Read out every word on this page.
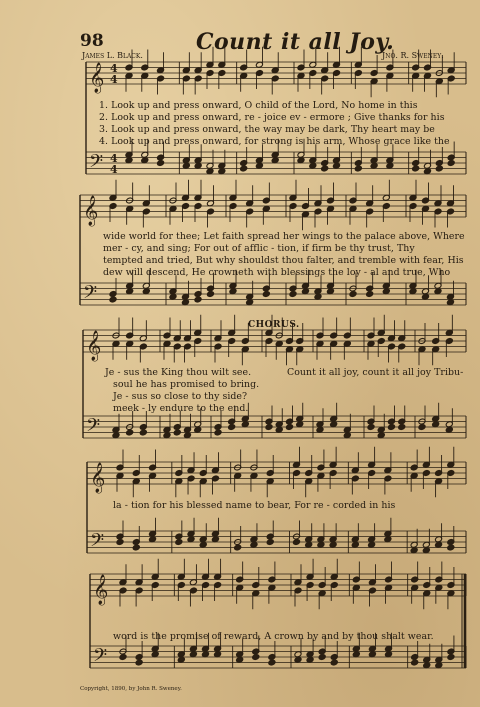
98	Count it all Joy.
James L. Black.	Jno. R. Sweney.
𝄞
𝄢
4
4
4
4
𝄞
𝄢
𝄞
𝄢
𝄞
𝄢
𝄞
𝄢
1. Look up and press onward, O child of the Lord, No home in this
2. Look up and press onward, re - joice ev - ermore ; Give thanks for his
3. Look up and press onward, the way may be dark, Thy heart may be
4. Look up and press onward, for strong is his arm, Whose grace like the
wide world for thee; Let faith spread her wings to the palace above, Where
mer - cy, and sing; For out of afflic - tion, if firm be thy trust, Thy
tempted and tried, But why shouldst thou falter, and tremble with fear, His
dew will descend, He crowneth with blessings the loy - al and true, Who
CHORUS.
Je - sus the King thou wilt see.
soul he has promised to bring.
Je - sus so close to thy side?
meek - ly endure to the end.
Count it all joy, count it all joy Tribu-
la - tion for his blessed name to bear, For re - corded in his
word is the promise of reward, A crown by and by thou shalt wear.
Copyright, 1890, by John R. Sweney.
